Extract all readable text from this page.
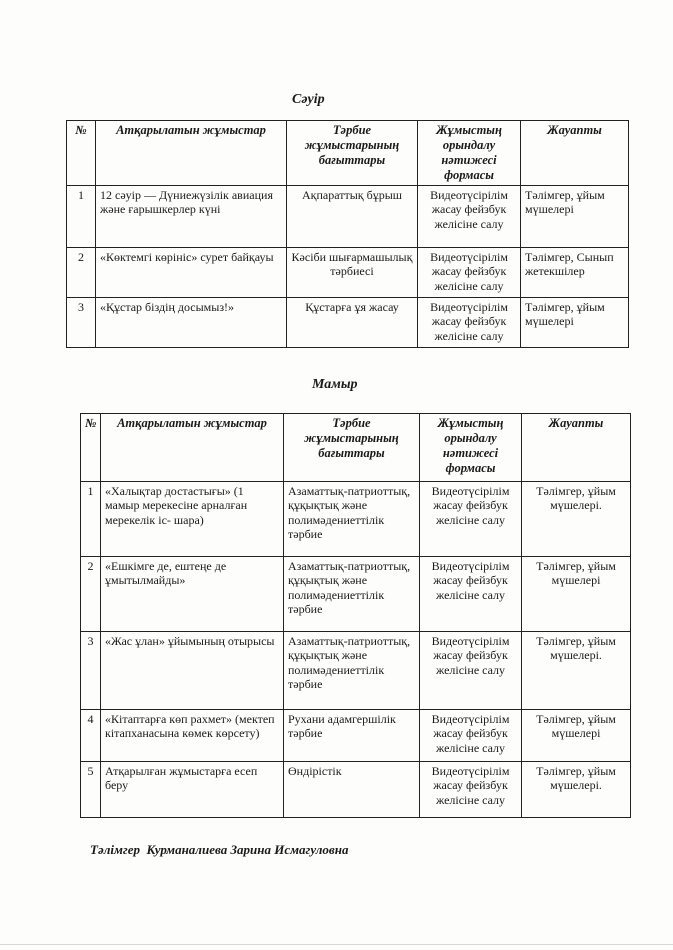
Сәуір
№	Атқарылатын жұмыстар	Тәрбие жұмыстарының бағыттары	Жұмыстың орындалу нәтижесі формасы	Жауапты
1	12 сәуір — Дүниежүзілік авиация және ғарышкерлер күні	Ақпараттық бұрыш	Видеотүсірілім жасау фейзбук желісіне салу	Тәлімгер, ұйым мүшелері
2	«Көктемгі көрініс» сурет байқауы	Кәсіби шығармашылық тәрбиесі	Видеотүсірілім жасау фейзбук желісіне салу	Тәлімгер, Сынып жетекшілер
3	«Құстар біздің досымыз!»	Құстарға ұя жасау	Видеотүсірілім жасау фейзбук желісіне салу	Тәлімгер, ұйым мүшелері
Мамыр
№	Атқарылатын жұмыстар	Тәрбие жұмыстарының бағыттары	Жұмыстың орындалу нәтижесі формасы	Жауапты
1	«Халықтар достастығы» (1 мамыр мерекесіне арналған мерекелік іс- шара)	Азаматтық-патриоттық, құқықтық және полимәдениеттілік тәрбие	Видеотүсірілім жасау фейзбук желісіне салу	Тәлімгер, ұйым мүшелері.
2	«Ешкімге де, ештеңе де ұмытылмайды»	Азаматтық-патриоттық, құқықтық және полимәдениеттілік тәрбие	Видеотүсірілім жасау фейзбук желісіне салу	Тәлімгер, ұйым мүшелері
3	«Жас ұлан» ұйымының отырысы	Азаматтық-патриоттық, құқықтық және полимәдениеттілік тәрбие	Видеотүсірілім жасау фейзбук желісіне салу	Тәлімгер, ұйым мүшелері.
4	«Кітаптарға көп рахмет» (мектеп кітапханасына көмек көрсету)	Рухани адамгершілік тәрбие	Видеотүсірілім жасау фейзбук желісіне салу	Тәлімгер, ұйым мүшелері
5	Атқарылған жұмыстарға есеп беру	Өндірістік	Видеотүсірілім жасау фейзбук желісіне салу	Тәлімгер, ұйым мүшелері.
Тәлімгер  Курманалиева Зарина Исмагуловна
